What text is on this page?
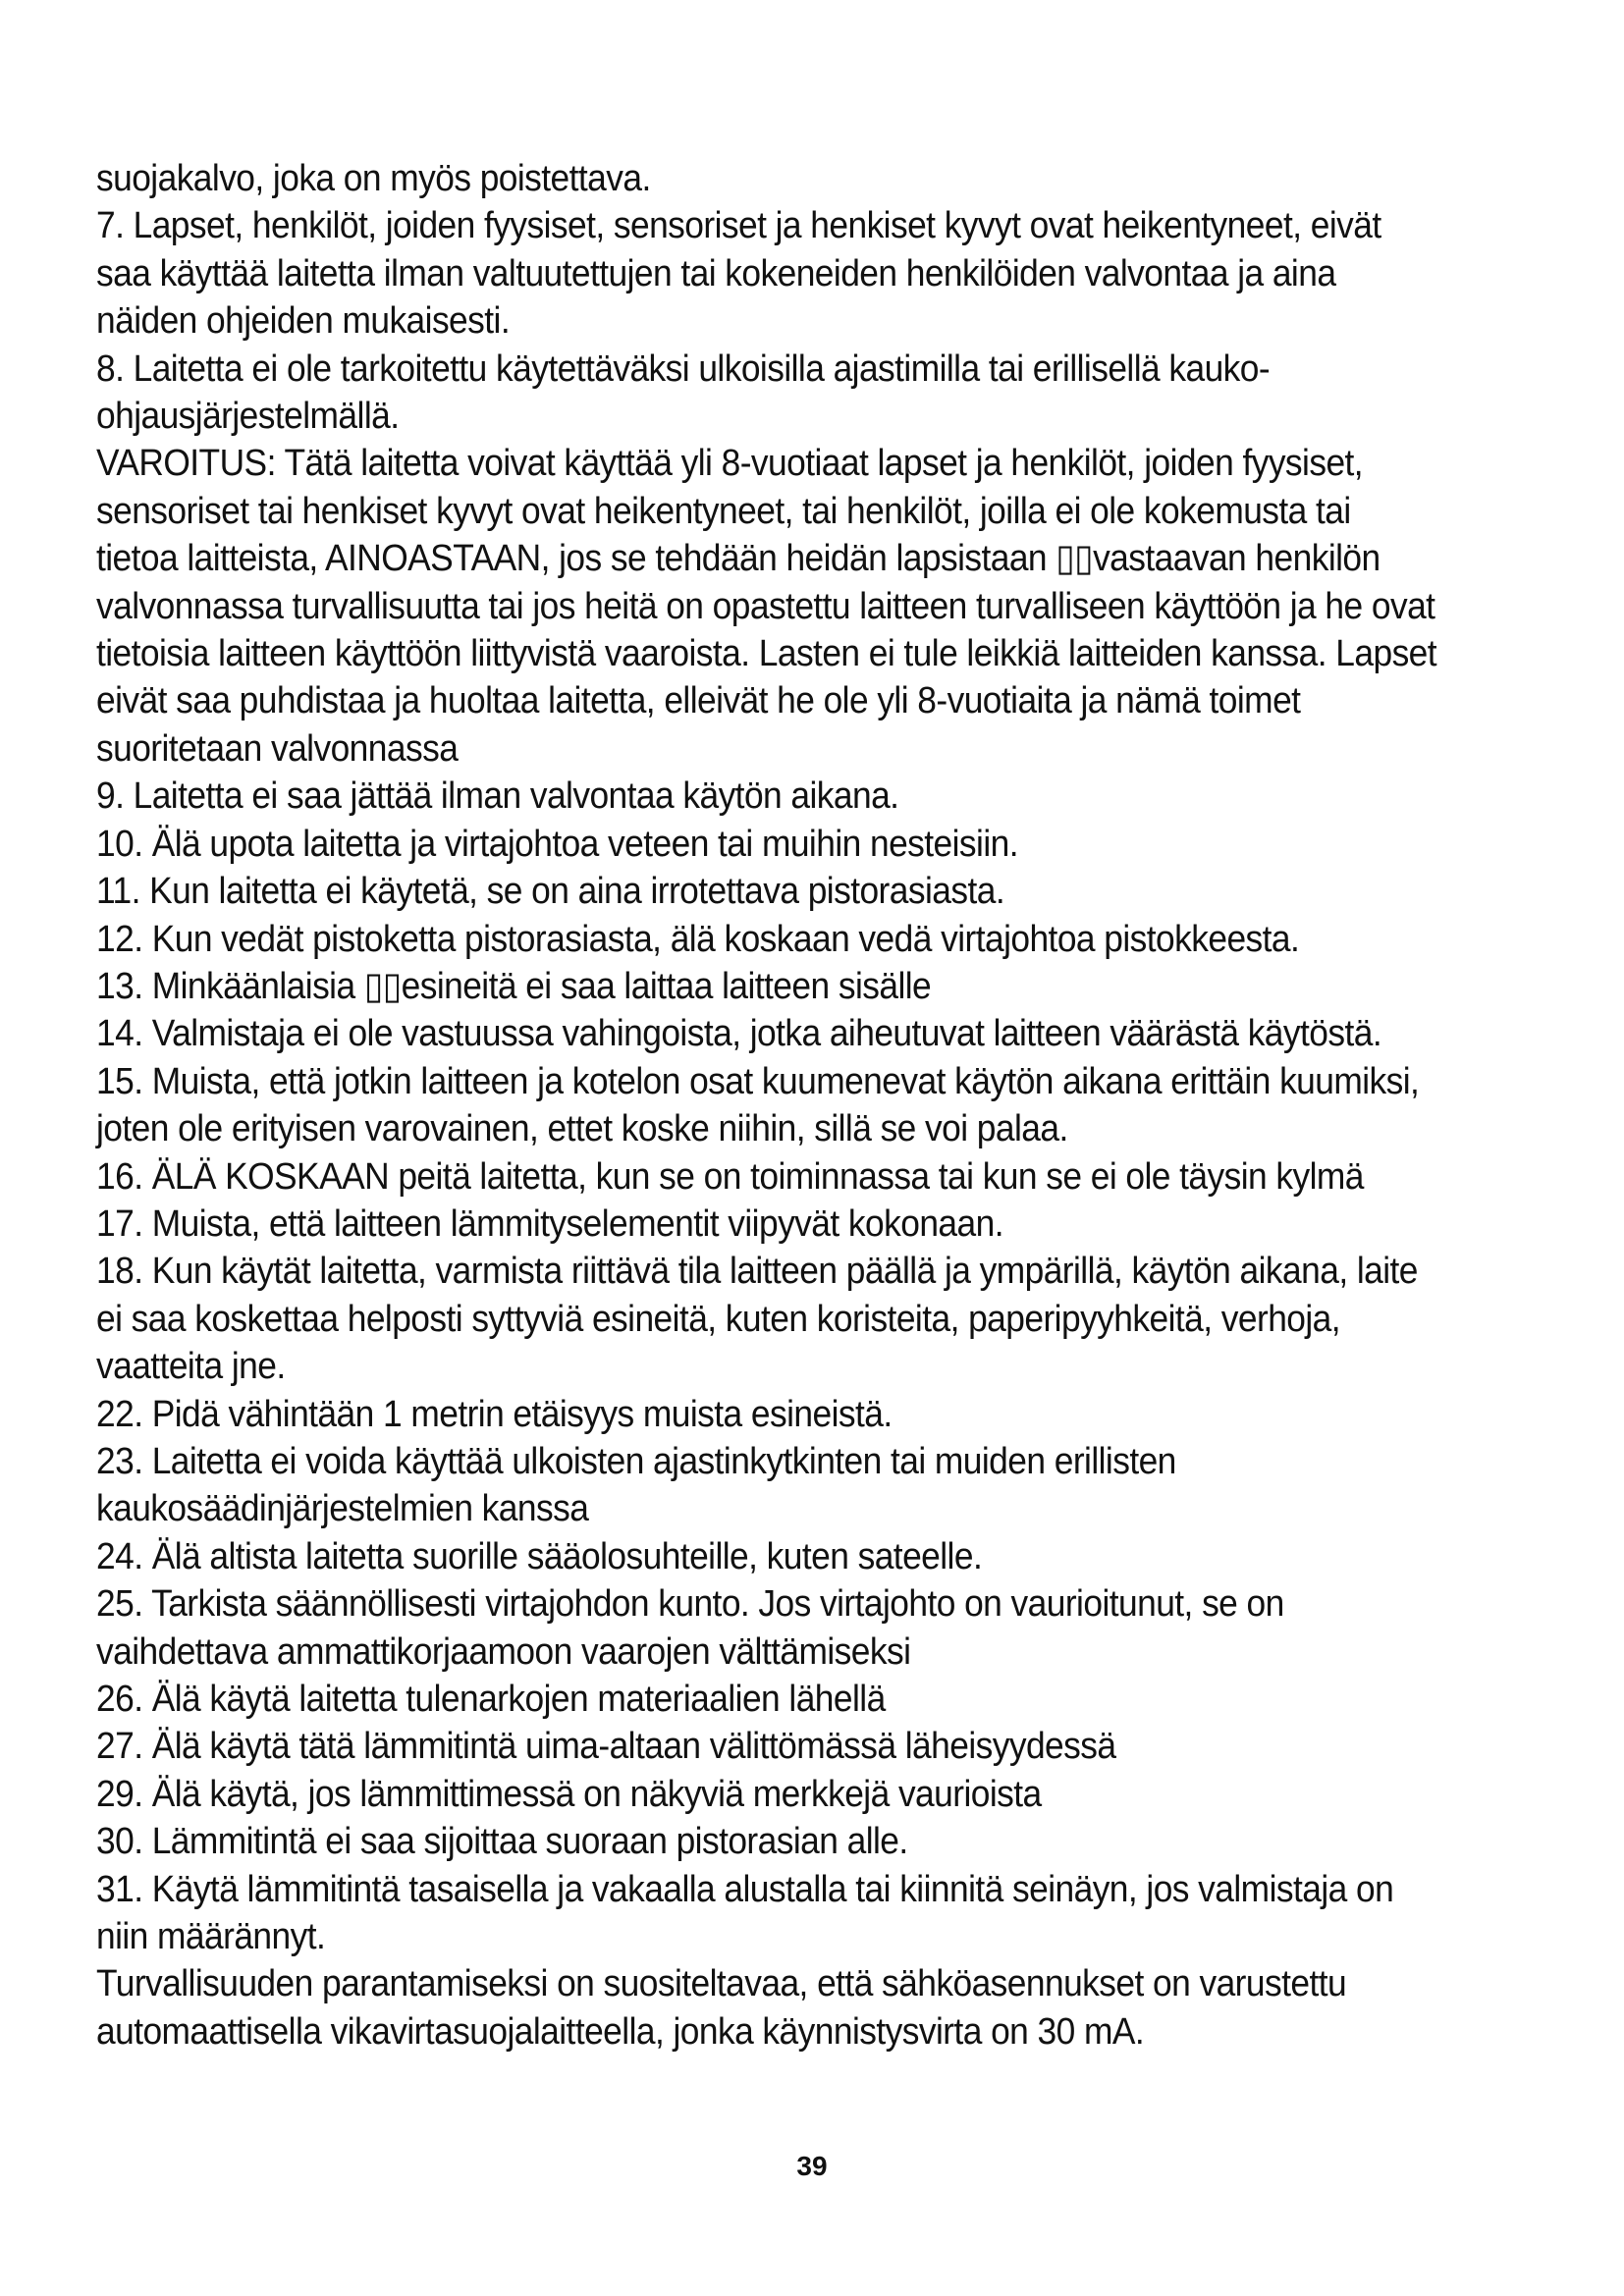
suojakalvo, joka on myös poistettava.
7. Lapset, henkilöt, joiden fyysiset, sensoriset ja henkiset kyvyt ovat heikentyneet, eivät
saa käyttää laitetta ilman valtuutettujen tai kokeneiden henkilöiden valvontaa ja aina
näiden ohjeiden mukaisesti.
8. Laitetta ei ole tarkoitettu käytettäväksi ulkoisilla ajastimilla tai erillisellä kauko-
ohjausjärjestelmällä.
VAROITUS: Tätä laitetta voivat käyttää yli 8-vuotiaat lapset ja henkilöt, joiden fyysiset,
sensoriset tai henkiset kyvyt ovat heikentyneet, tai henkilöt, joilla ei ole kokemusta tai
tietoa laitteista, AINOASTAAN, jos se tehdään heidän lapsistaan ▯▯vastaavan henkilön
valvonnassa turvallisuutta tai jos heitä on opastettu laitteen turvalliseen käyttöön ja he ovat
tietoisia laitteen käyttöön liittyvistä vaaroista. Lasten ei tule leikkiä laitteiden kanssa. Lapset
eivät saa puhdistaa ja huoltaa laitetta, elleivät he ole yli 8-vuotiaita ja nämä toimet
suoritetaan valvonnassa
9. Laitetta ei saa jättää ilman valvontaa käytön aikana.
10. Älä upota laitetta ja virtajohtoa veteen tai muihin nesteisiin.
11. Kun laitetta ei käytetä, se on aina irrotettava pistorasiasta.
12. Kun vedät pistoketta pistorasiasta, älä koskaan vedä virtajohtoa pistokkeesta.
13. Minkäänlaisia ▯▯esineitä ei saa laittaa laitteen sisälle
14. Valmistaja ei ole vastuussa vahingoista, jotka aiheutuvat laitteen väärästä käytöstä.
15. Muista, että jotkin laitteen ja kotelon osat kuumenevat käytön aikana erittäin kuumiksi,
joten ole erityisen varovainen, ettet koske niihin, sillä se voi palaa.
16. ÄLÄ KOSKAAN peitä laitetta, kun se on toiminnassa tai kun se ei ole täysin kylmä
17. Muista, että laitteen lämmityselementit viipyvät kokonaan.
18. Kun käytät laitetta, varmista riittävä tila laitteen päällä ja ympärillä, käytön aikana, laite
ei saa koskettaa helposti syttyviä esineitä, kuten koristeita, paperipyyhkeitä, verhoja,
vaatteita jne.
22. Pidä vähintään 1 metrin etäisyys muista esineistä.
23. Laitetta ei voida käyttää ulkoisten ajastinkytkinten tai muiden erillisten
kaukosäädinjärjestelmien kanssa
24. Älä altista laitetta suorille sääolosuhteille, kuten sateelle.
25. Tarkista säännöllisesti virtajohdon kunto. Jos virtajohto on vaurioitunut, se on
vaihdettava ammattikorjaamoon vaarojen välttämiseksi
26. Älä käytä laitetta tulenarkojen materiaalien lähellä
27. Älä käytä tätä lämmitintä uima-altaan välittömässä läheisyydessä
29. Älä käytä, jos lämmittimessä on näkyviä merkkejä vaurioista
30. Lämmitintä ei saa sijoittaa suoraan pistorasian alle.
31. Käytä lämmitintä tasaisella ja vakaalla alustalla tai kiinnitä seinäyn, jos valmistaja on
niin määrännyt.
Turvallisuuden parantamiseksi on suositeltavaa, että sähköasennukset on varustettu
automaattisella vikavirtasuojalaitteella, jonka käynnistysvirta on 30 mA.
39
